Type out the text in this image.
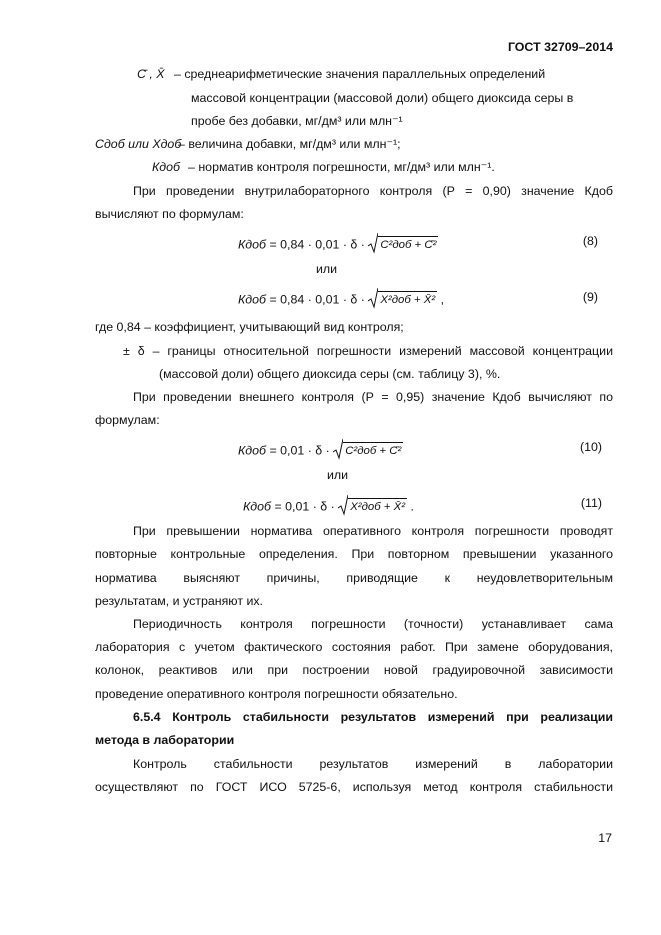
ГОСТ 32709–2014
С̄ , X̄ – среднеарифметические значения параллельных определений
массовой концентрации (массовой доли) общего диоксида серы в
пробе без добавки, мг/дм³ или млн⁻¹
Сдоб или Xдоб
– величина добавки, мг/дм³ или млн⁻¹;
Кдоб – норматив контроля погрешности, мг/дм³ или млн⁻¹.
При проведении внутрилабораторного контроля (Р = 0,90) значение Кдоб
вычисляют по формулам:
Кдоб = 0,84 · 0,01 · δ · С²доб + С̄²	(8)
или
Кдоб = 0,84 · 0,01 · δ · X²доб + X̄² ,	(9)
где 0,84 – коэффициент, учитывающий вид контроля;
± δ – границы относительной погрешности измерений массовой концентрации
(массовой доли) общего диоксида серы (см. таблицу 3), %.
При проведении внешнего контроля (Р = 0,95) значение Кдоб вычисляют по
формулам:
Кдоб = 0,01 · δ · С²доб + С̄²	(10)
или
Кдоб = 0,01 · δ · X²доб + X̄² .	(11)
При превышении норматива оперативного контроля погрешности проводят
повторные контрольные определения. При повторном превышении указанного
норматива выясняют причины, приводящие к неудовлетворительным
результатам, и устраняют их.
Периодичность контроля погрешности (точности) устанавливает сама
лаборатория с учетом фактического состояния работ. При замене оборудования,
колонок, реактивов или при построении новой градуировочной зависимости
проведение оперативного контроля погрешности обязательно.
6.5.4 Контроль стабильности результатов измерений при реализации
метода в лаборатории
Контроль стабильности результатов измерений в лаборатории
осуществляют по ГОСТ ИСО 5725-6, используя метод контроля стабильности
17
